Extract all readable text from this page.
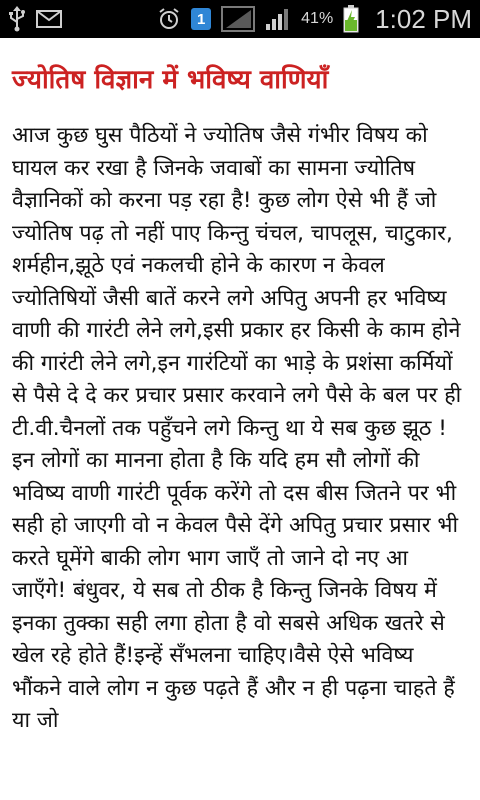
1	41% 1:02 PM
ज्योतिष विज्ञान में भविष्य वाणियाँ

आज कुछ घुस पैठियों ने ज्योतिष जैसे गंभीर विषय को घायल कर रखा है जिनके जवाबों का सामना ज्योतिष वैज्ञानिकों को करना पड़ रहा है! कुछ लोग ऐसे भी हैं जो ज्योतिष पढ़ तो नहीं पाए किन्तु चंचल, चापलूस, चाटुकार, शर्महीन,झूठे एवं नकलची होने के कारण न केवल ज्योतिषियों जैसी बातें करने लगे अपितु अपनी हर भविष्य वाणी की गारंटी लेने लगे,इसी प्रकार हर किसी के काम होने की गारंटी लेने लगे,इन गारंटियों का भाड़े के प्रशंसा कर्मियों से पैसे दे दे कर प्रचार प्रसार करवाने लगे पैसे के बल पर ही टी.वी.चैनलों तक पहुँचने लगे किन्तु था ये सब कुछ झूठ !इन लोगों का मानना होता है कि यदि हम सौ लोगों की भविष्य वाणी गारंटी पूर्वक करेंगे तो दस बीस जितने पर भी सही हो जाएगी वो न केवल पैसे देंगे अपितु प्रचार प्रसार भी करते घूमेंगे बाकी लोग भाग जाएँ तो जाने दो नए आ जाएँगे! बंधुवर, ये सब तो ठीक है किन्तु जिनके विषय में इनका तुक्का सही लगा होता है वो सबसे अधिक खतरे से खेल रहे होते हैं!इन्हें सँभलना चाहिए।वैसे ऐसे भविष्य भौंकने वाले लोग न कुछ पढ़ते हैं और न ही पढ़ना चाहते हैं या जो
